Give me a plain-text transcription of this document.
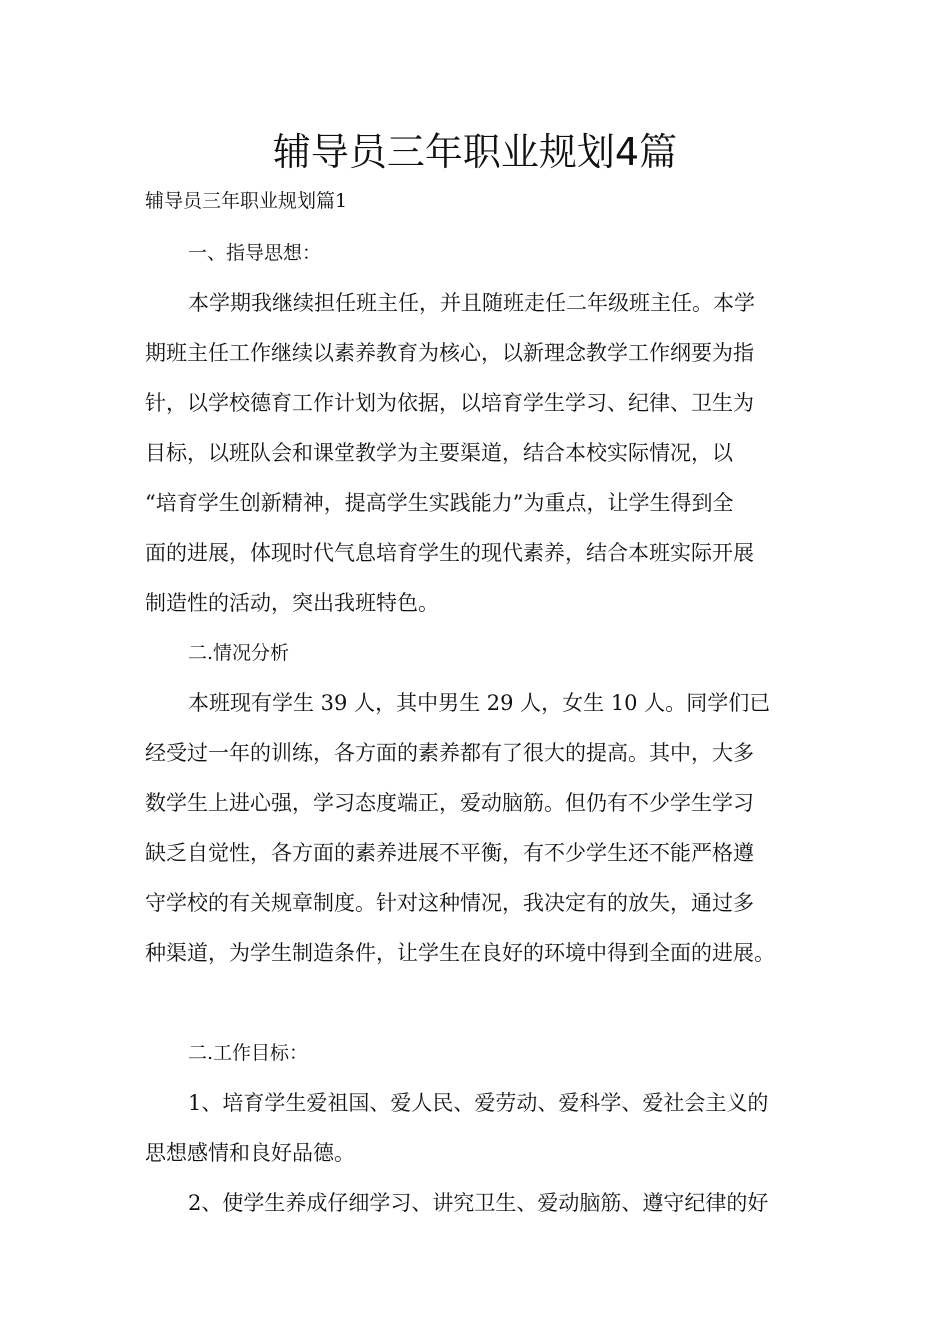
辅导员三年职业规划4篇

辅导员三年职业规划篇1

一、指导思想：

本学期我继续担任班主任，并且随班走任二年级班主任。本学

期班主任工作继续以素养教育为核心，以新理念教学工作纲要为指

针，以学校德育工作计划为依据，以培育学生学习、纪律、卫生为

目标，以班队会和课堂教学为主要渠道，结合本校实际情况，以

“培育学生创新精神，提高学生实践能力”为重点，让学生得到全

面的进展，体现时代气息培育学生的现代素养，结合本班实际开展

制造性的活动，突出我班特色。

二.情况分析

本班现有学生 39 人，其中男生 29 人，女生 10 人。同学们已

经受过一年的训练，各方面的素养都有了很大的提高。其中，大多

数学生上进心强，学习态度端正，爱动脑筋。但仍有不少学生学习

缺乏自觉性，各方面的素养进展不平衡，有不少学生还不能严格遵

守学校的有关规章制度。针对这种情况，我决定有的放失，通过多

种渠道，为学生制造条件，让学生在良好的环境中得到全面的进展。

二.工作目标：

1、培育学生爱祖国、爱人民、爱劳动、爱科学、爱社会主义的

思想感情和良好品德。

2、使学生养成仔细学习、讲究卫生、爱动脑筋、遵守纪律的好
